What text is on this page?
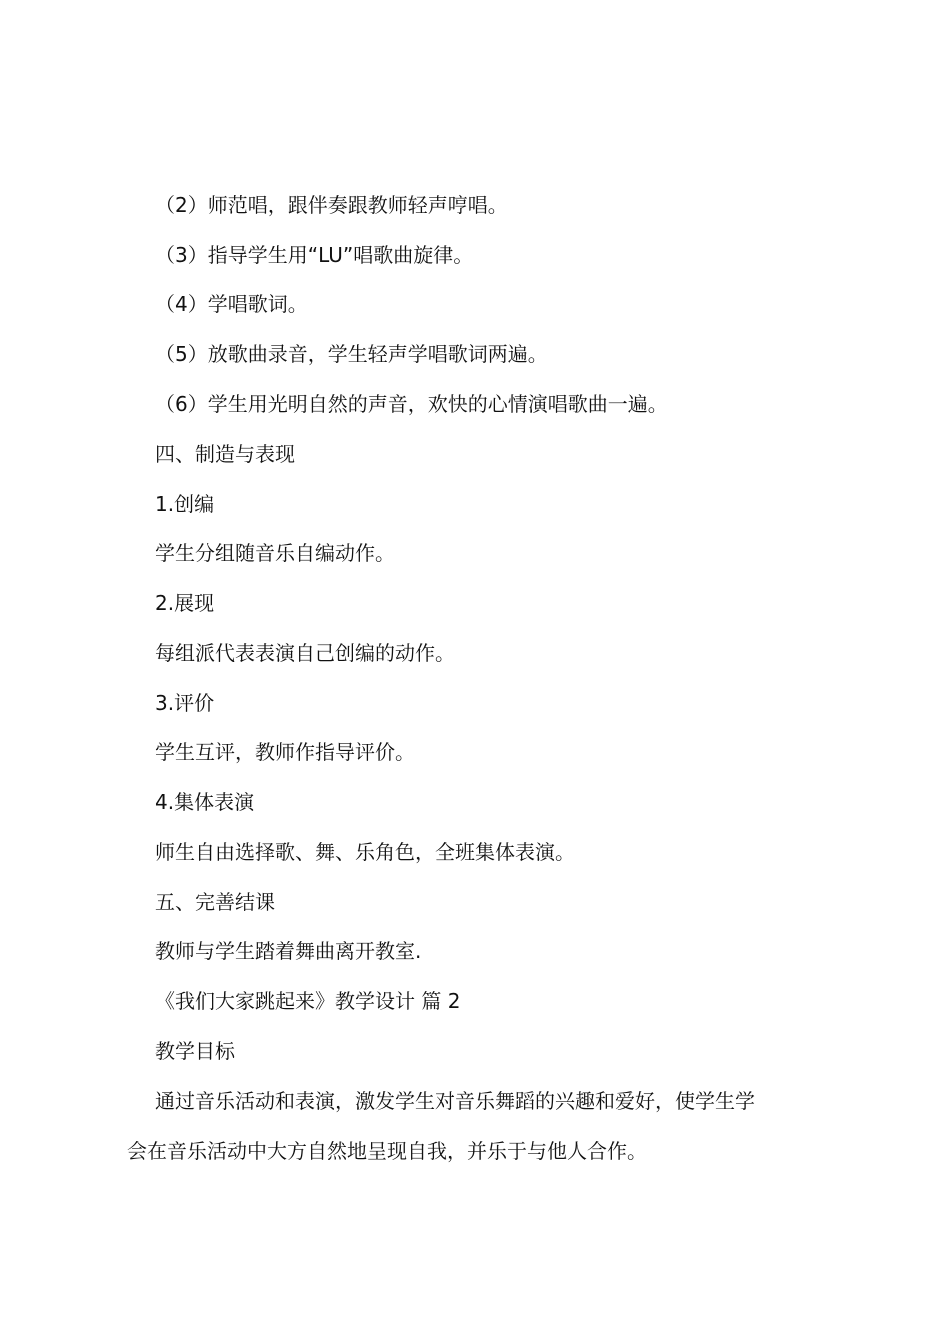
（2）师范唱，跟伴奏跟教师轻声哼唱。
（3）指导学生用“LU”唱歌曲旋律。
（4）学唱歌词。
（5）放歌曲录音，学生轻声学唱歌词两遍。
（6）学生用光明自然的声音，欢快的心情演唱歌曲一遍。
四、制造与表现
1.创编
学生分组随音乐自编动作。
2.展现
每组派代表表演自己创编的动作。
3.评价
学生互评，教师作指导评价。
4.集体表演
师生自由选择歌、舞、乐角色，全班集体表演。
五、完善结课
教师与学生踏着舞曲离开教室.
《我们大家跳起来》教学设计 篇 2
教学目标
通过音乐活动和表演，激发学生对音乐舞蹈的兴趣和爱好，使学生学
会在音乐活动中大方自然地呈现自我，并乐于与他人合作。
